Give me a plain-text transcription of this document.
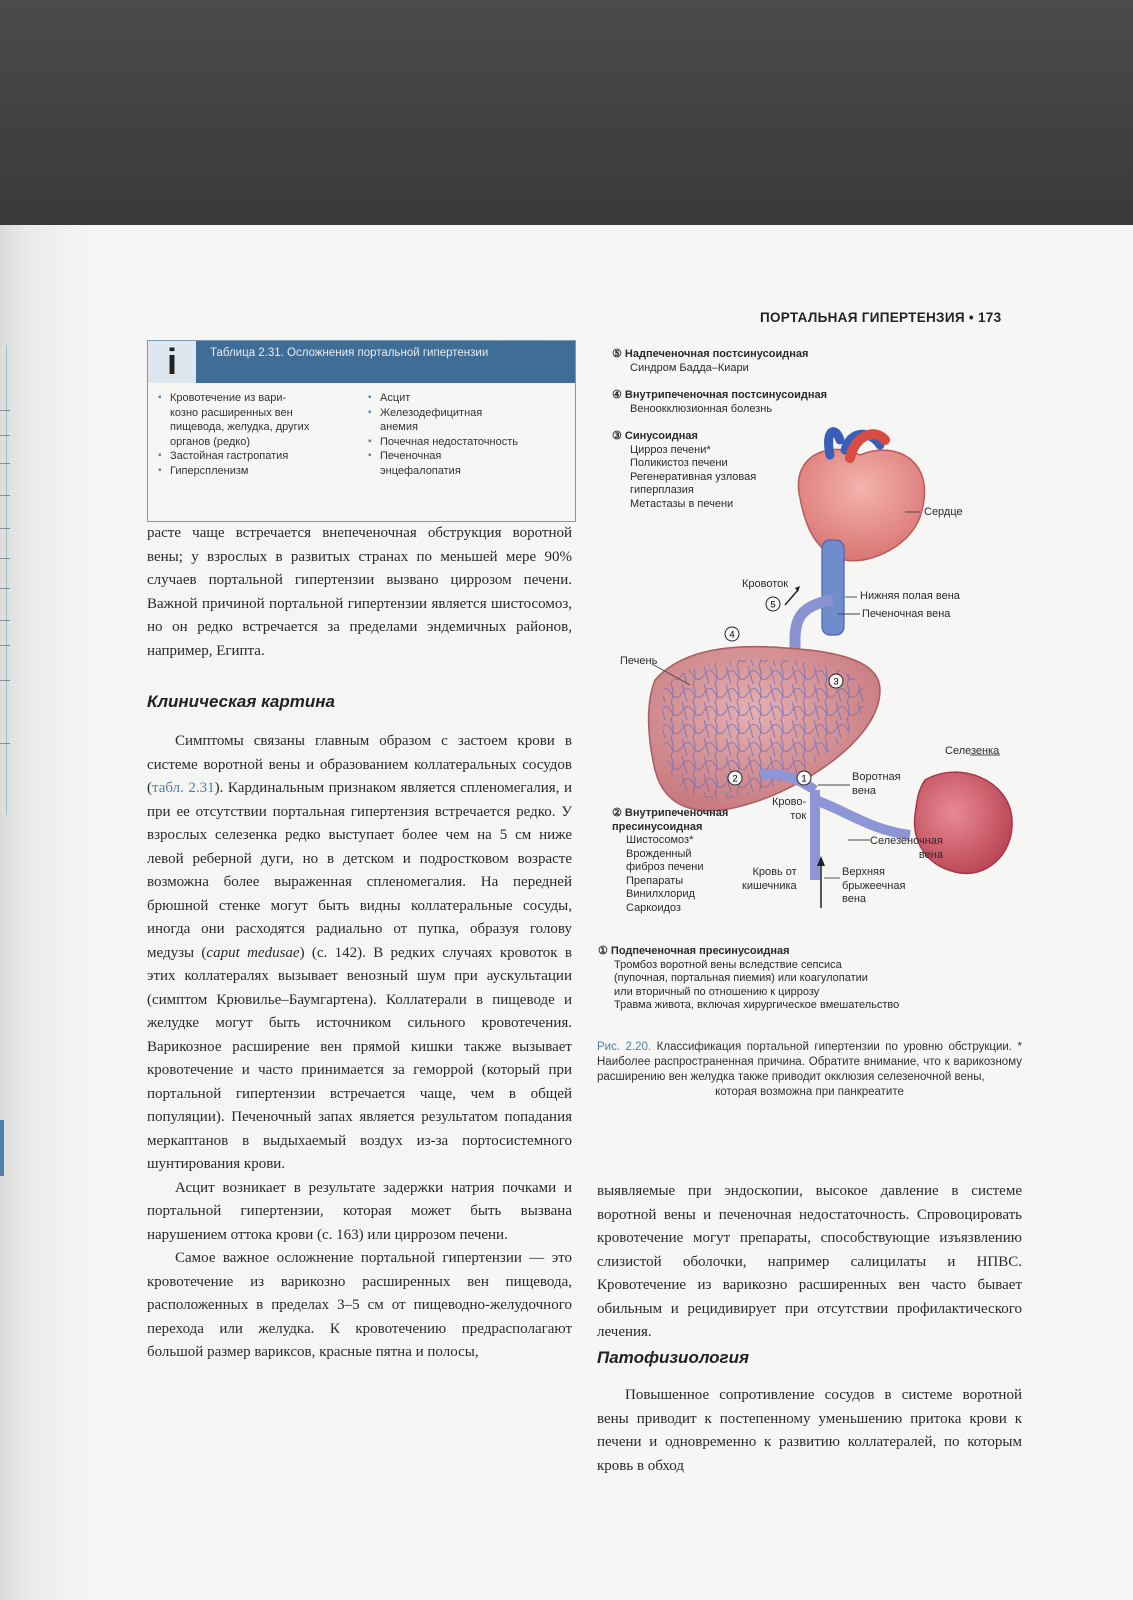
ПОРТАЛЬНАЯ ГИПЕРТЕНЗИЯ • 173
i	Таблица 2.31. Осложнения портальной гипертензии
▪ Кровотечение из вари-
козно расширенных вен
пищевода, желудка, других
органов (редко)
▪ Застойная гастропатия
▪ Гиперспленизм
▪ Асцит
▪ Железодефицитная
анемия
▪ Почечная недостаточность
▪ Печеночная
энцефалопатия

расте чаще встречается внепеченочная обструкция воротной вены; у взрослых в развитых странах по меньшей мере 90% случаев портальной гипертензии вызвано циррозом печени. Важной причиной портальной гипертензии является шистосомоз, но он редко встречается за пределами эндемичных районов, например, Египта.

Клиническая картина

Симптомы связаны главным образом с застоем крови в системе воротной вены и образованием коллатеральных сосудов (табл. 2.31). Кардинальным признаком является спленомегалия, и при ее отсутствии портальная гипертензия встречается редко. У взрослых селезенка редко выступает более чем на 5 см ниже левой реберной дуги, но в детском и подростковом возрасте возможна более выраженная спленомегалия. На передней брюшной стенке могут быть видны коллатеральные сосуды, иногда они расходятся радиально от пупка, образуя голову медузы (caput medusae) (с. 142). В редких случаях кровоток в этих коллатералях вызывает венозный шум при аускультации (симптом Крювилье–Баумгартена). Коллатерали в пищеводе и желудке могут быть источником сильного кровотечения. Варикозное расширение вен прямой кишки также вызывает кровотечение и часто принимается за геморрой (который при портальной гипертензии встречается чаще, чем в общей популяции). Печеночный запах является результатом попадания меркаптанов в выдыхаемый воздух из-за портосистемного шунтирования крови.

Асцит возникает в результате задержки натрия почками и портальной гипертензии, которая может быть вызвана нарушением оттока крови (с. 163) или циррозом печени.

Самое важное осложнение портальной гипертензии — это кровотечение из варикозно расширенных вен пищевода, расположенных в пределах 3–5 см от пищеводно-желудочного перехода или желудка. К кровотечению предрасполагают большой размер вариксов, красные пятна и полосы,

выявляемые при эндоскопии, высокое давление в системе воротной вены и печеночная недостаточность. Спровоцировать кровотечение могут препараты, способствующие изъязвлению слизистой оболочки, например салицилаты и НПВС. Кровотечение из варикозно расширенных вен часто бывает обильным и рецидивирует при отсутствии профилактического лечения.

Патофизиология

Повышенное сопротивление сосудов в системе воротной вены приводит к постепенному уменьшению притока крови к печени и одновременно к развитию коллатералей, по которым кровь в обход

5
4
3
2	1
⑤ Надпеченочная постсинусоидная
Синдром Бадда–Киари
④ Внутрипеченочная постсинусоидная
Веноокклюзионная болезнь
③ Синусоидная
Цирроз печени*
Поликистоз печени
Регенеративная узловая
гиперплазия
Метастазы в печени
② Внутрипеченочная
пресинусоидная
Шистосомоз*
Врожденный
фиброз печени
Препараты
Винилхлорид
Саркоидоз
① Подпеченочная пресинусоидная
Тромбоз воротной вены вследствие сепсиса
(пупочная, портальная пиемия) или коагулопатии
или вторичный по отношению к циррозу
Травма живота, включая хирургическое вмешательство
Сердце
Кровоток
Нижняя полая вена
Печеночная вена
Печень
Селезенка
Воротная
вена
Крово-
ток
Селезеночная
вена
Кровь от
кишечника
Верхняя
брыжеечная
вена
Рис. 2.20. Классификация портальной гипертензии по уровню обструкции. * Наиболее распространенная причина. Обратите внимание, что к варикозному расширению вен желудка также приводит окклюзия селезеночной вены,
которая возможна при панкреатите
